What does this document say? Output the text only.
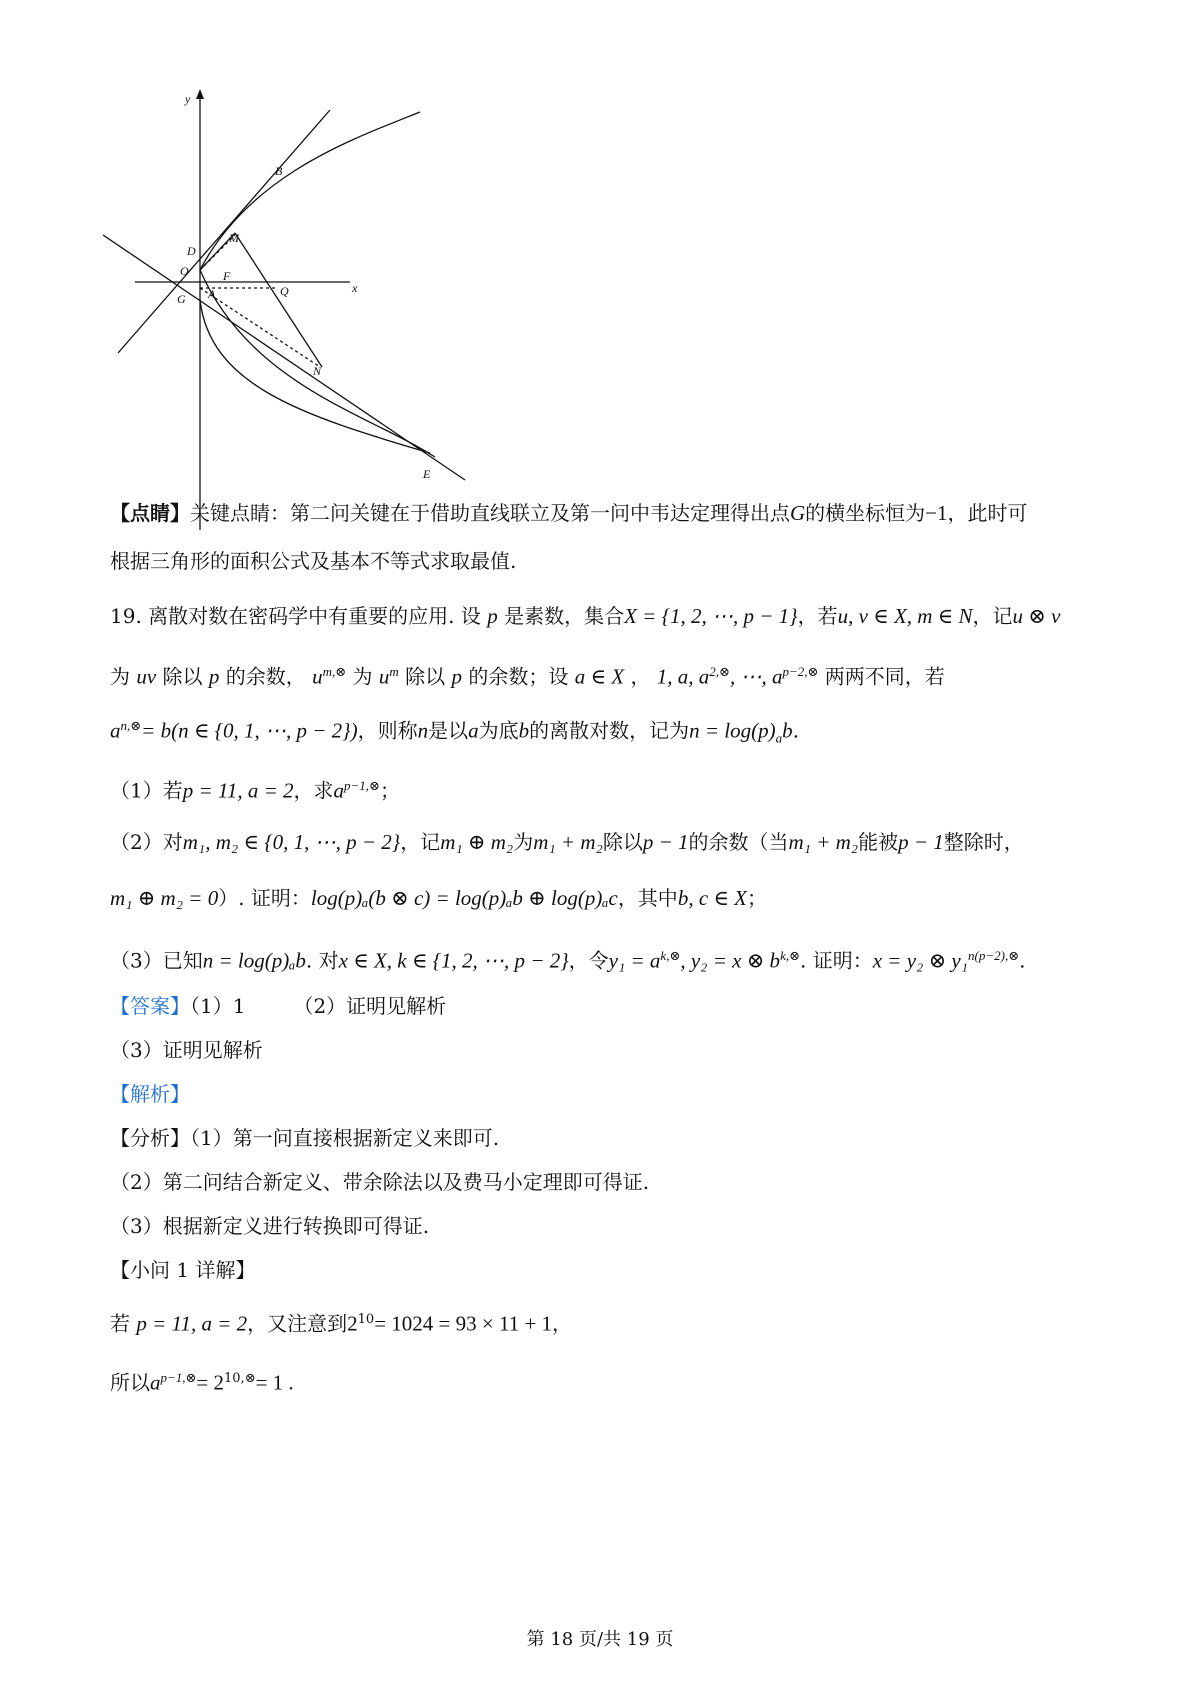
y
x
B
D
M
O	F
G A	Q
N
E
【点睛】关键点睛：第二问关键在于借助直线联立及第一问中韦达定理得出点G的横坐标恒为−1，此时可
根据三角形的面积公式及基本不等式求取最值.
19. 离散对数在密码学中有重要的应用. 设 p 是素数，集合X = {1, 2, ⋯, p − 1}，若u, v ∈ X, m ∈ N，记u ⊗ v
为 uv 除以 p 的余数， $u^{m,\otimes}$ 为 $u^m$ 除以 p 的余数；设 a ∈ X ， 1, a, $a^{2,\otimes}$, ⋯, $a^{p-2,\otimes}$ 两两不同，若
$a^{n,\otimes}= b(n$ ∈ {0, 1, ⋯, p − 2})，则称n是以a为底b的离散对数，记为$n = \log(p)_ab$.
（1）若p = 11, a = 2，求$a^{p-1,\otimes}$；
（2）对m₁, m₂ ∈ {0, 1, ⋯, p − 2}，记m₁ ⊕ m₂为m₁ + m₂除以p − 1的余数（当m₁ + m₂能被p − 1整除时，
m₁ ⊕ m₂ = 0）. 证明：log(p)ₐ(b ⊗ c) = log(p)ₐb ⊕ log(p)ₐc，其中b, c ∈ X；
（3）已知n = log(p)ₐb. 对x ∈ X, k ∈ {1, 2, ⋯, p − 2}，令$y_1 = a^{k,\otimes}$, y₂ = x ⊗ $b^{k,\otimes}$. 证明：x = y₂ ⊗ y₁$^{n(p-2),\otimes}$.
【答案】（1）1 （2）证明见解析
（3）证明见解析
【解析】
【分析】（1）第一问直接根据新定义来即可.
（2）第二问结合新定义、带余除法以及费马小定理即可得证.
（3）根据新定义进行转换即可得证.
【小问 1 详解】
若 p = 11, a = 2，又注意到$2^{10}= 1024 = 93 \times 11 + 1$，
所以$a^{p-1,\otimes}= 2^{10,\otimes}= 1$ .
第 18 页/共 19 页
